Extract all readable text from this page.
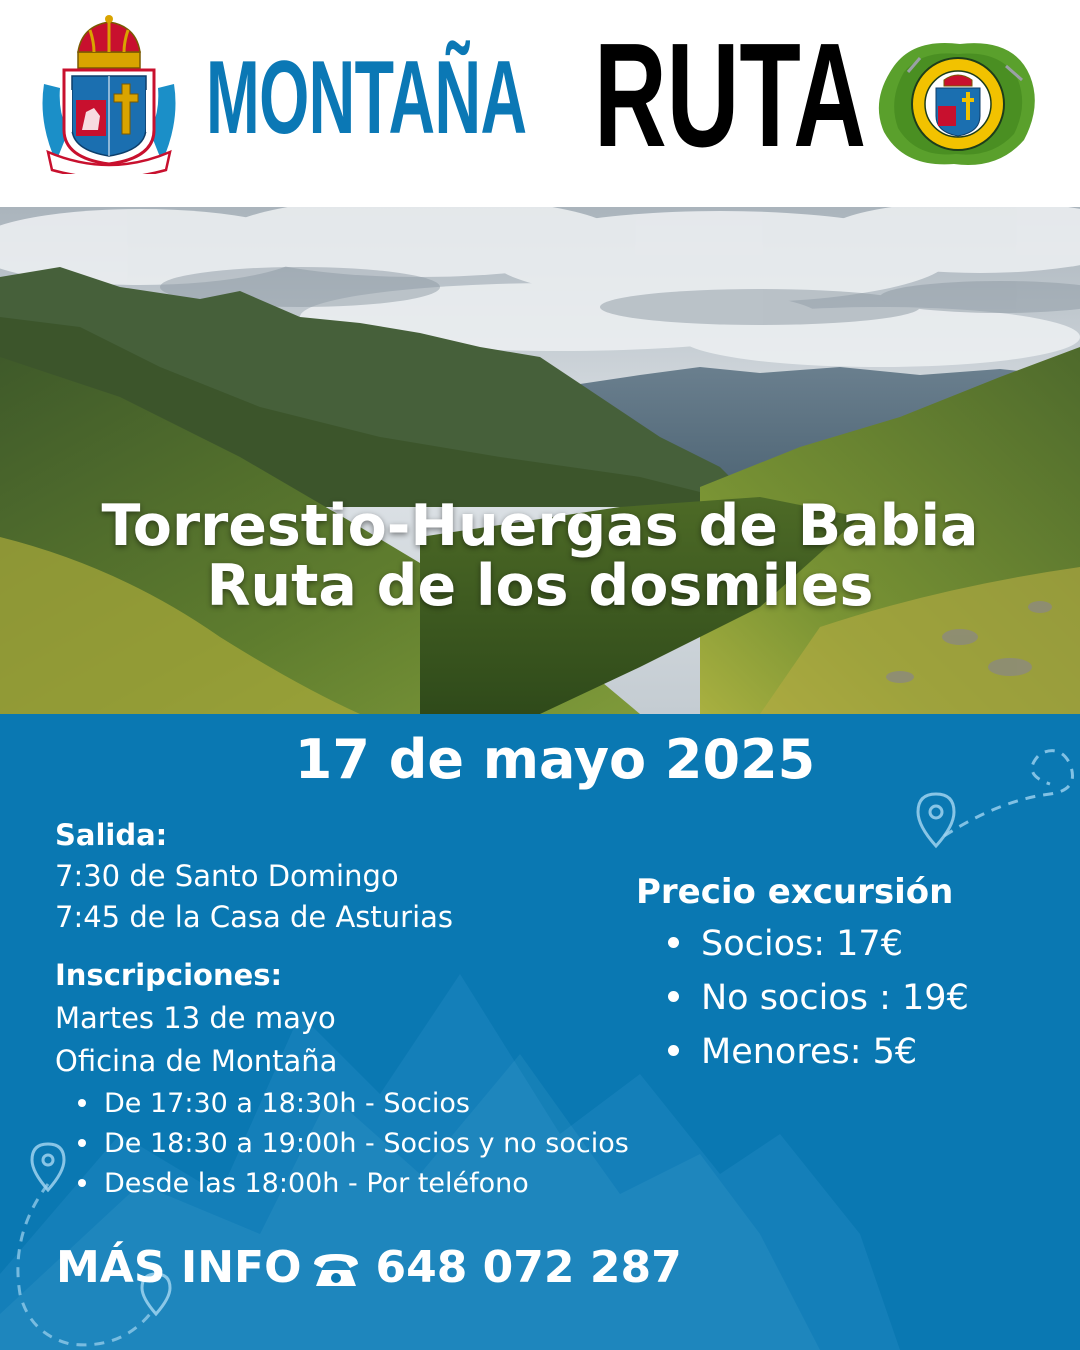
MONTAÑA RUTA
Torrestio-Huergas de Babia
Ruta de los dosmiles
17 de mayo 2025
Salida:
7:30 de Santo Domingo
7:45 de la Casa de Asturias
Inscripciones:
Martes 13 de mayo
Oficina de Montaña
De 17:30 a 18:30h - Socios
De 18:30 a 19:00h - Socios y no socios
Desde las 18:00h - Por teléfono
Precio excursión
Socios: 17€
No socios : 19€
Menores: 5€
MÁS INFO 648 072 287
